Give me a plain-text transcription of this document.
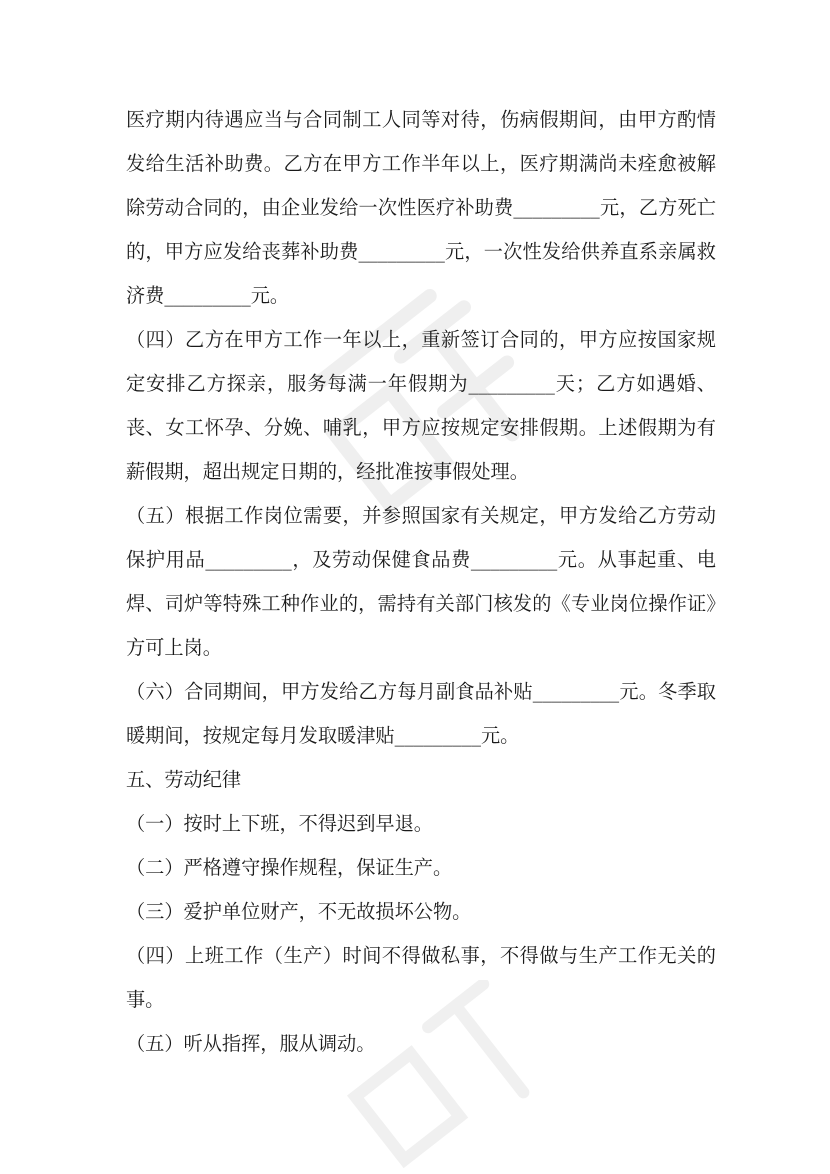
医疗期内待遇应当与合同制工人同等对待，伤病假期间，由甲方酌情发给生活补助费。乙方在甲方工作半年以上，医疗期满尚未痊愈被解除劳动合同的，由企业发给一次性医疗补助费_________元，乙方死亡的，甲方应发给丧葬补助费_________元，一次性发给供养直系亲属救济费_________元。

（四）乙方在甲方工作一年以上，重新签订合同的，甲方应按国家规定安排乙方探亲，服务每满一年假期为_________天；乙方如遇婚、丧、女工怀孕、分娩、哺乳，甲方应按规定安排假期。上述假期为有薪假期，超出规定日期的，经批准按事假处理。

（五）根据工作岗位需要，并参照国家有关规定，甲方发给乙方劳动保护用品_________，及劳动保健食品费_________元。从事起重、电焊、司炉等特殊工种作业的，需持有关部门核发的《专业岗位操作证》方可上岗。

（六）合同期间，甲方发给乙方每月副食品补贴_________元。冬季取暖期间，按规定每月发取暖津贴_________元。

五、劳动纪律

（一）按时上下班，不得迟到早退。

（二）严格遵守操作规程，保证生产。

（三）爱护单位财产，不无故损坏公物。

（四）上班工作（生产）时间不得做私事，不得做与生产工作无关的事。

（五）听从指挥，服从调动。
